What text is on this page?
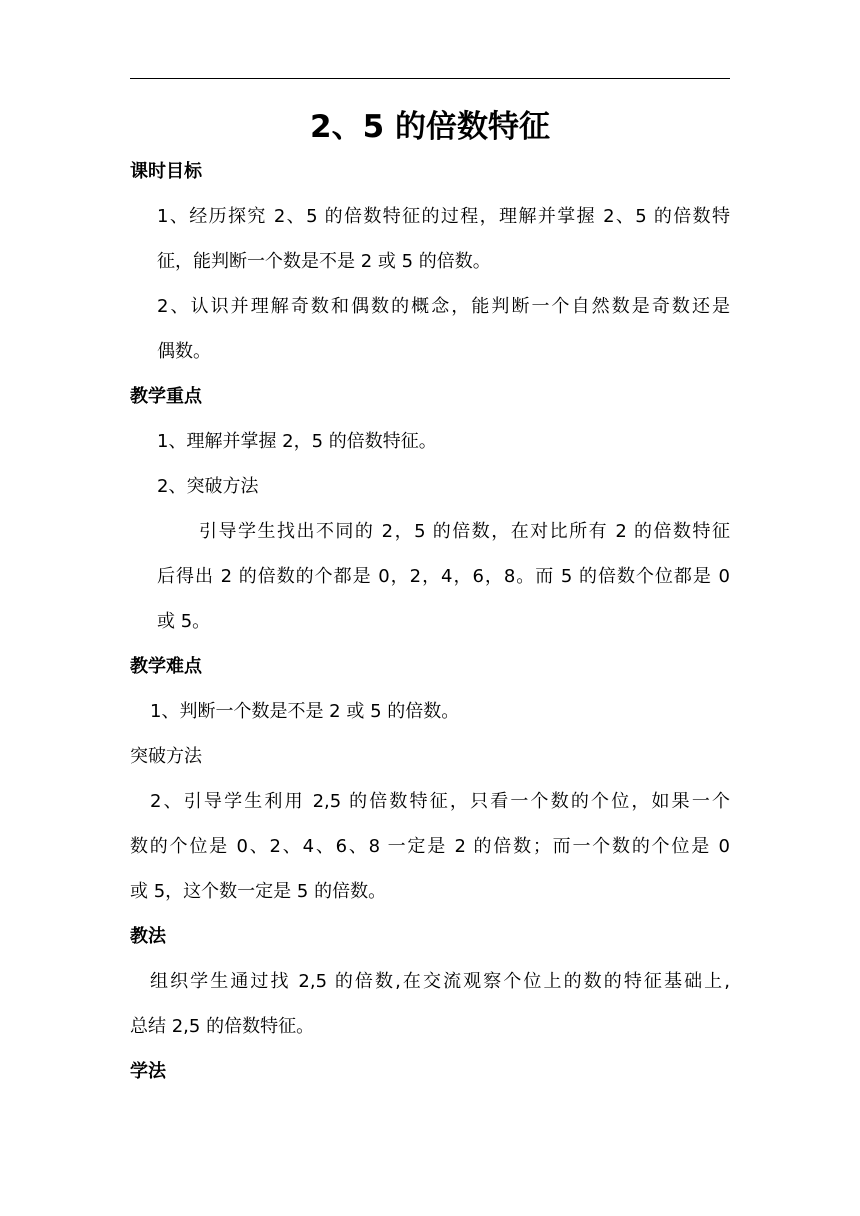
2、5 的倍数特征

课时目标

1、经历探究 2、5 的倍数特征的过程，理解并掌握 2、5 的倍数特

征，能判断一个数是不是 2 或 5 的倍数。

2、认识并理解奇数和偶数的概念，能判断一个自然数是奇数还是

偶数。

教学重点

1、理解并掌握 2，5 的倍数特征。

2、突破方法

引导学生找出不同的 2，5 的倍数，在对比所有 2 的倍数特征

后得出 2 的倍数的个都是 0，2，4，6，8。而 5 的倍数个位都是 0

或 5。

教学难点

1、判断一个数是不是 2 或 5 的倍数。

突破方法

2、引导学生利用 2,5 的倍数特征，只看一个数的个位，如果一个

数的个位是 0、2、4、6、8 一定是 2 的倍数；而一个数的个位是 0

或 5，这个数一定是 5 的倍数。

教法

组织学生通过找 2,5 的倍数,在交流观察个位上的数的特征基础上,

总结 2,5 的倍数特征。

学法
